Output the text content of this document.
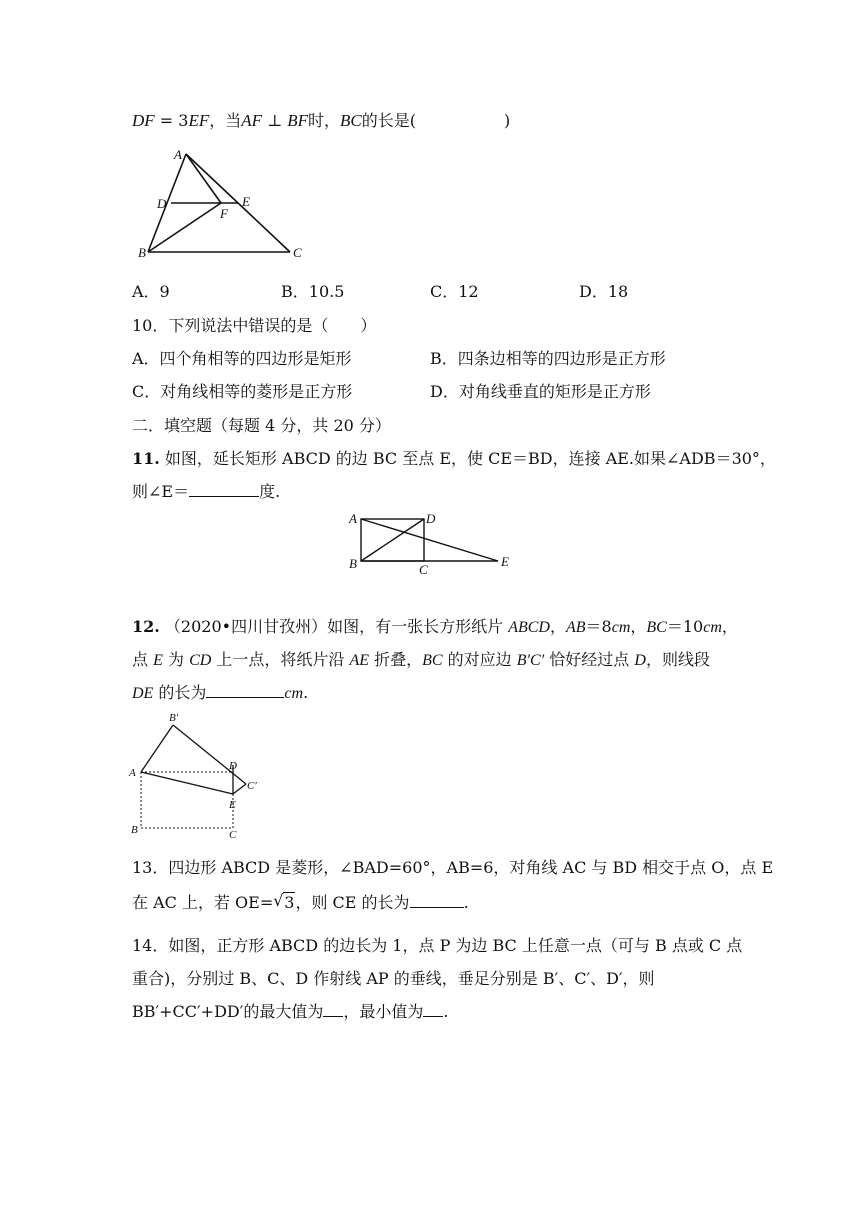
DF = 3EF，当AF ⊥ BF时，BC的长是(	)
A
D	E
F
B	C
A．9	B．10.5	C．12	D．18
10．下列说法中错误的是（　　）
A．四个角相等的四边形是矩形	B．四条边相等的四边形是正方形
C．对角线相等的菱形是正方形	D．对角线垂直的矩形是正方形
二．填空题（每题 4 分，共 20 分）
11. 如图，延长矩形 ABCD 的边 BC 至点 E，使 CE＝BD，连接 AE.如果∠ADB＝30°，
则∠E＝	度.
A	D
B	C
E
12. （2020•四川甘孜州）如图，有一张长方形纸片 ABCD，AB＝8cm，BC＝10cm，
点 E 为 CD 上一点，将纸片沿 AE 折叠，BC 的对应边 B′C′ 恰好经过点 D，则线段
DE 的长为	cm.
B′
A
D
C′
E
B	C
13．四边形 ABCD 是菱形，∠BAD=60°，AB=6，对角线 AC 与 BD 相交于点 O，点 E
在 AC 上，若 OE= √ 3，则 CE 的长为	.
14．如图，正方形 ABCD 的边长为 1，点 P 为边 BC 上任意一点（可与 B 点或 C 点
重合)，分别过 B、C、D 作射线 AP 的垂线，垂足分别是 B′、C′、D′，则
BB′+CC′+DD′的最大值为 ，最小值为 .
